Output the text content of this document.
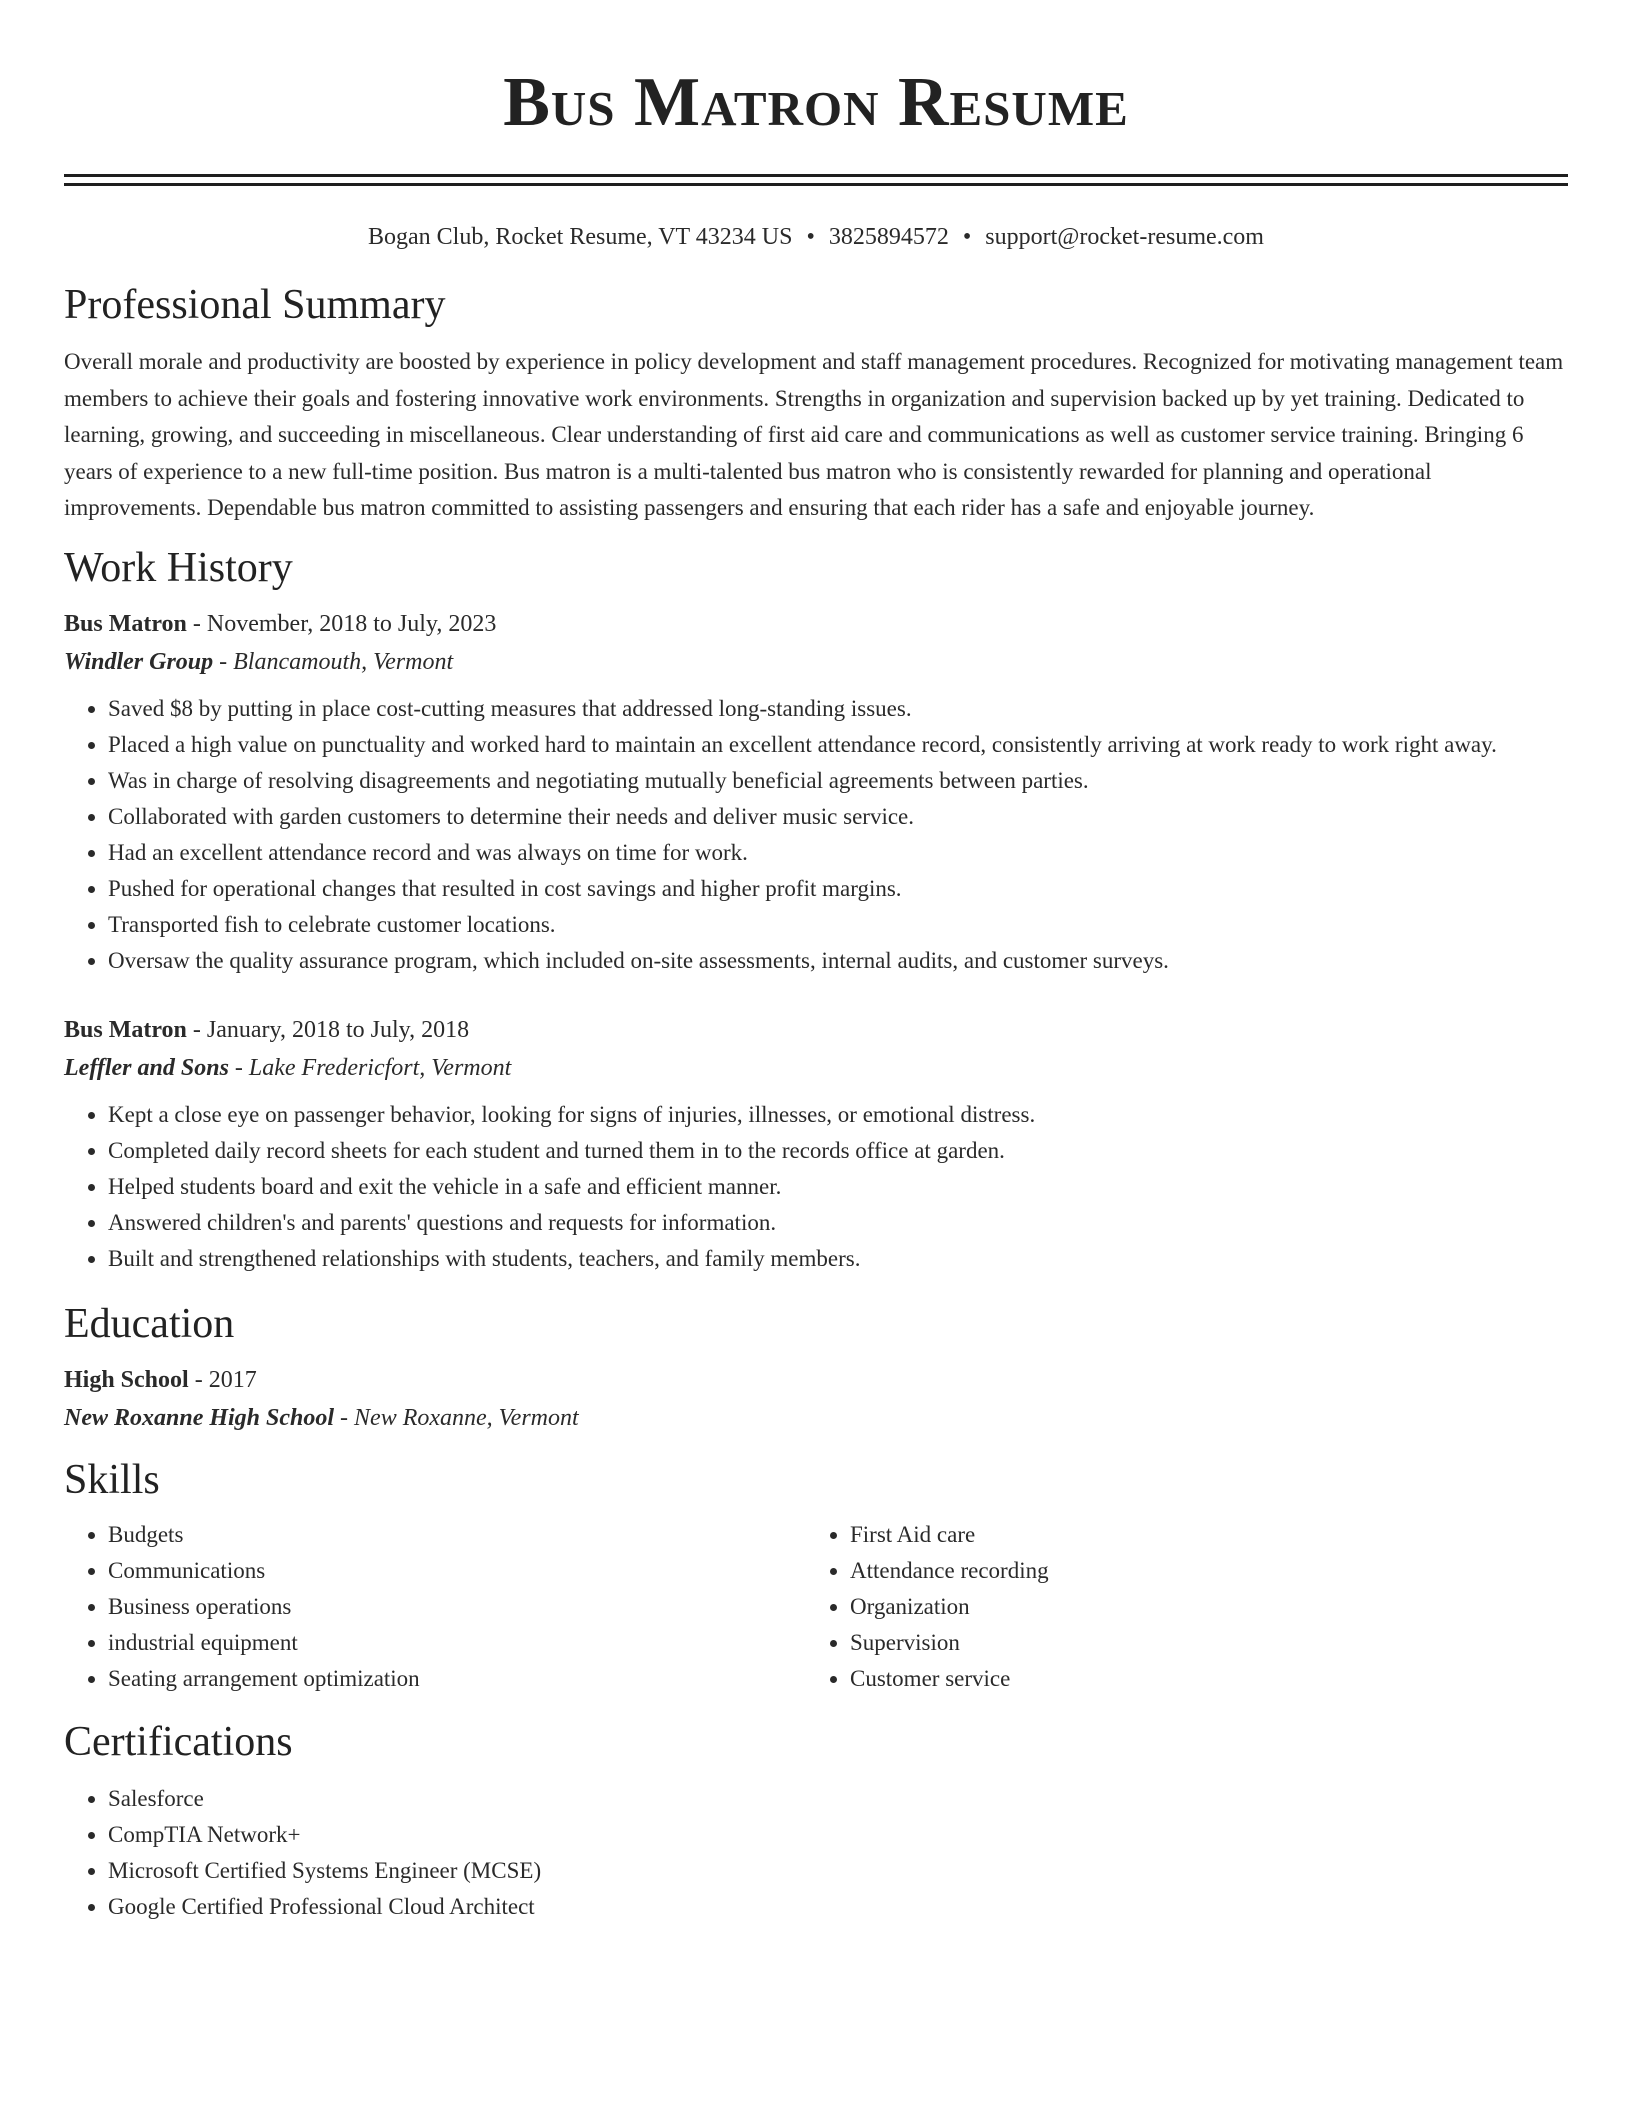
Bus Matron Resume
Bogan Club, Rocket Resume, VT 43234 US • 3825894572 • support@rocket-resume.com
Professional Summary

Overall morale and productivity are boosted by experience in policy development and staff management procedures. Recognized for motivating management team members to achieve their goals and fostering innovative work environments. Strengths in organization and supervision backed up by yet training. Dedicated to learning, growing, and succeeding in miscellaneous. Clear understanding of first aid care and communications as well as customer service training. Bringing 6 years of experience to a new full-time position. Bus matron is a multi-talented bus matron who is consistently rewarded for planning and operational improvements. Dependable bus matron committed to assisting passengers and ensuring that each rider has a safe and enjoyable journey.

Work History
Bus Matron - November, 2018 to July, 2023
Windler Group - Blancamouth, Vermont
• Saved $8 by putting in place cost-cutting measures that addressed long-standing issues.
• Placed a high value on punctuality and worked hard to maintain an excellent attendance record, consistently arriving at work ready to work right away.
• Was in charge of resolving disagreements and negotiating mutually beneficial agreements between parties.
• Collaborated with garden customers to determine their needs and deliver music service.
• Had an excellent attendance record and was always on time for work.
• Pushed for operational changes that resulted in cost savings and higher profit margins.
• Transported fish to celebrate customer locations.
• Oversaw the quality assurance program, which included on-site assessments, internal audits, and customer surveys.
Bus Matron - January, 2018 to July, 2018
Leffler and Sons - Lake Fredericfort, Vermont
• Kept a close eye on passenger behavior, looking for signs of injuries, illnesses, or emotional distress.
• Completed daily record sheets for each student and turned them in to the records office at garden.
• Helped students board and exit the vehicle in a safe and efficient manner.
• Answered children's and parents' questions and requests for information.
• Built and strengthened relationships with students, teachers, and family members.
Education
High School - 2017
New Roxanne High School - New Roxanne, Vermont
Skills
• Budgets
• Communications
• Business operations
• industrial equipment
• Seating arrangement optimization
• First Aid care
• Attendance recording
• Organization
• Supervision
• Customer service
Certifications
• Salesforce
• CompTIA Network+
• Microsoft Certified Systems Engineer (MCSE)
• Google Certified Professional Cloud Architect
